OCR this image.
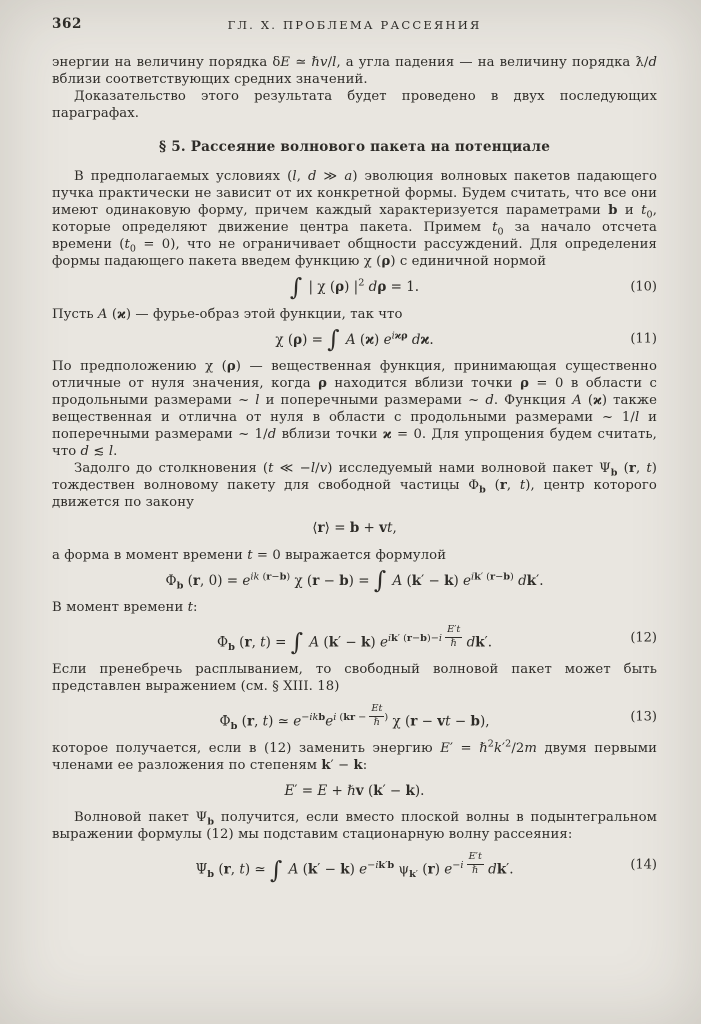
362	ГЛ. X. ПРОБЛЕМА РАССЕЯНИЯ

энергии на величину порядка δE ≃ ℏv/l, а угла падения — на величину порядка ƛ/d вблизи соответствующих средних значений.

Доказательство этого результата будет проведено в двух последующих параграфах.

§ 5. Рассеяние волнового пакета на потенциале

В предполагаемых условиях (l, d ≫ a) эволюция волновых пакетов падающего пучка практически не зависит от их конкретной формы. Будем считать, что все они имеют одинаковую форму, причем каждый характеризуется параметрами b и $t_0$, которые определяют движение центра пакета. Примем $t_0$ за начало отсчета времени $(t_0 = 0)$, что не ограничивает общности рассуждений. Для определения формы падающего пакета введем функцию χ (ρ) с единичной нормой

∫ | χ (ρ) $|^2$ dρ = 1.	(10)

Пусть A (ϰ) — фурье-образ этой функции, так что

χ (ρ) = ∫ A (ϰ) $e^{iϰ\rho}$ dϰ.	(11)

По предположению χ (ρ) — вещественная функция, принимающая существенно отличные от нуля значения, когда ρ находится вблизи точки ρ = 0 в области с продольными размерами ~ l и поперечными размерами ~ d. Функция A (ϰ) также вещественная и отлична от нуля в области с продольными размерами ~ 1/l и поперечными размерами ~ 1/d вблизи точки ϰ = 0. Для упрощения будем считать, что d ≲ l.

Задолго до столкновения (t ≪ −l/v) исследуемый нами волновой пакет $\Psi_b$ (r, t) тождествен волновому пакету для свободной частицы $\Phi_b$ (r, t), центр которого движется по закону

⟨r⟩ = b + vt,

а форма в момент времени t = 0 выражается формулой

$\Phi_b$ (r, $0) = e^{ik (r-b)}$ χ (r − b) = ∫ A (k′ − k) $e^{ik' (r-b)}$ dk′.

В момент времени t:

$\Phi_b$ (r, t) = ∫ A (k′ − k) $e^{ik' (r-b)-i \frac{E't}{\text{ℏ}}}$ dk′.	(12)

Если пренебречь расплыванием, то свободный волновой пакет может быть представлен выражением (см. § XIII. 18)

$\Phi_b$ (r, t) ≃ $e^{-ikb}e^{i (kr - \frac{Et}{\text{ℏ}} )}$ χ (r − vt − b),	(13)

которое получается, если в (12) заменить энергию $E' = \hbar^2k'^2/2m$ двумя первыми членами ее разложения по степеням k′ − k:

E′ = E + ℏv (k′ − k).

Волновой пакет $\Psi_b$ получится, если вместо плоской волны в подынтегральном выражении формулы (12) мы подставим стационарную волну рассеяния:

$\Psi_b$ (r, t) ≃ ∫ A (k′ − k) $e^{-ik'b}$ $\psi_{k'}$ (r) $e^{-i \frac{E't}{\text{ℏ}}}$ dk′.	(14)
